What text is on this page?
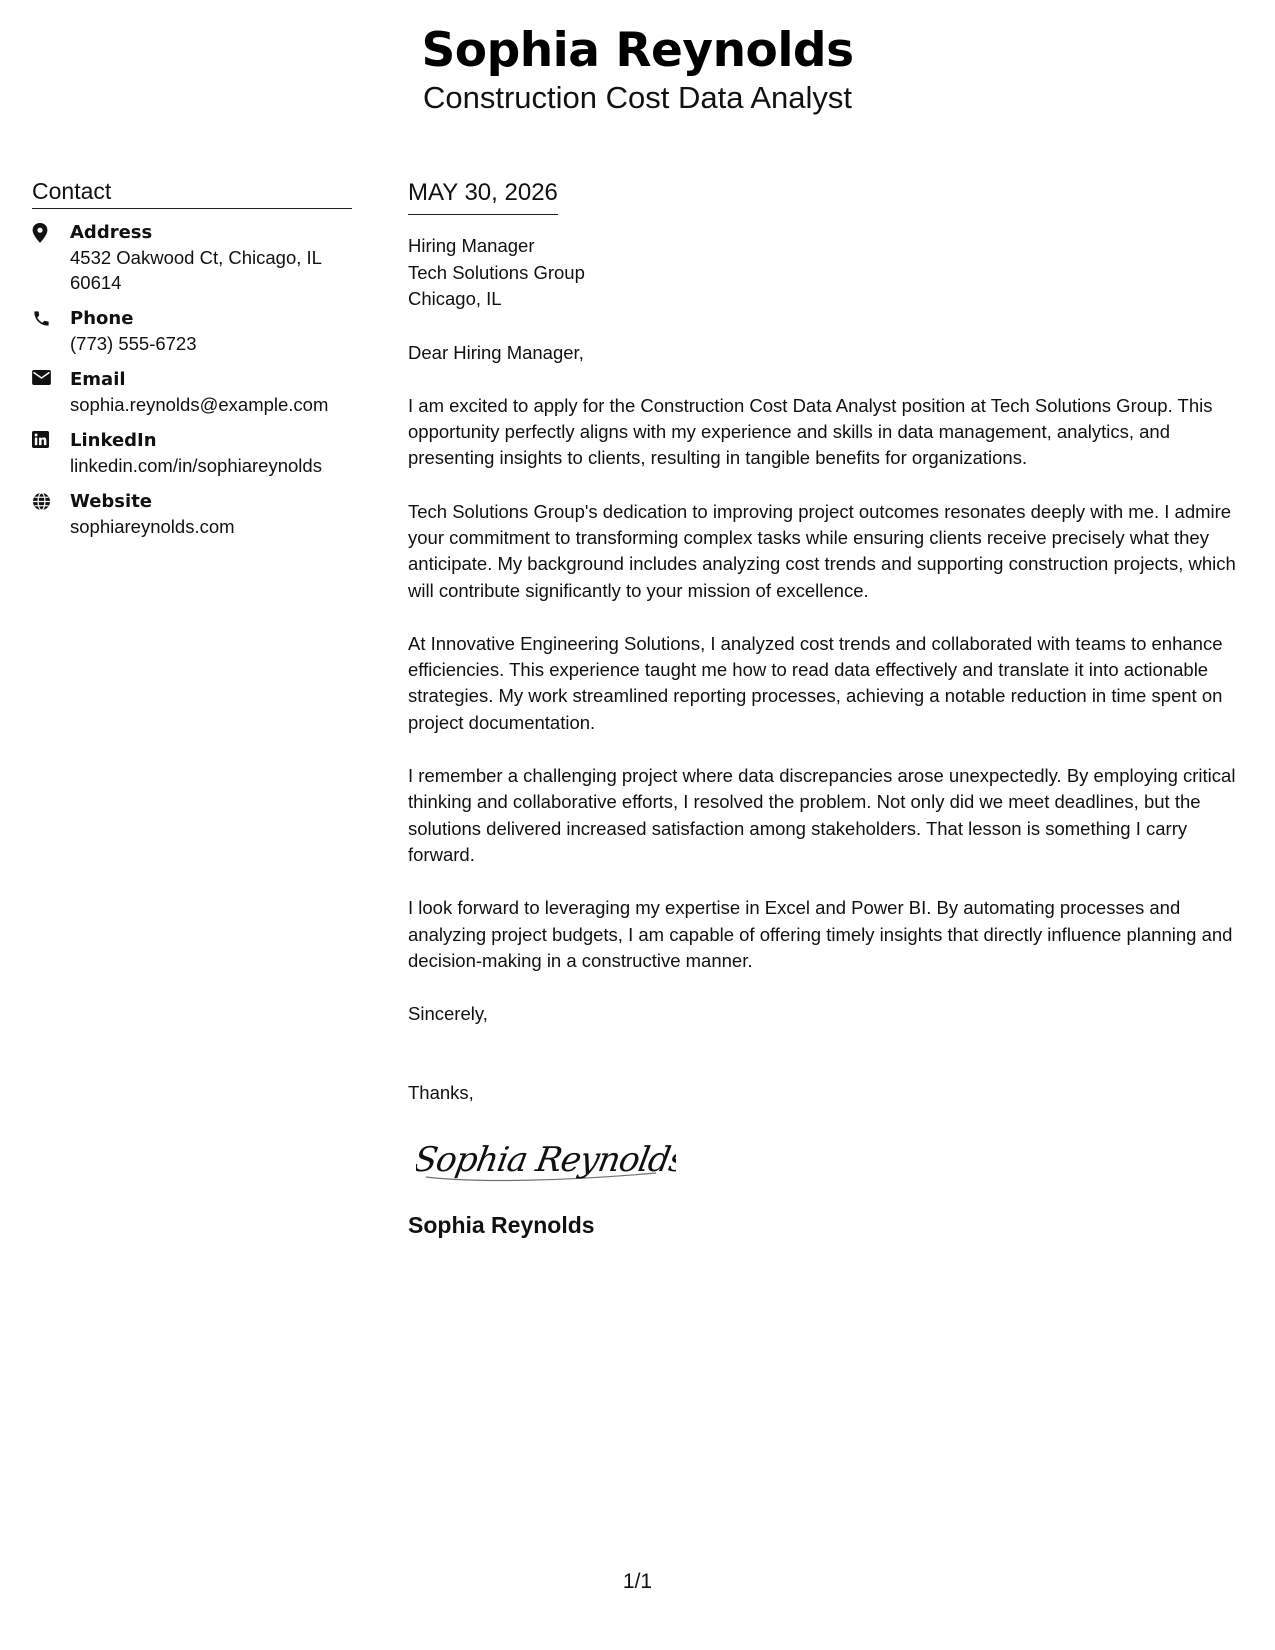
Sophia Reynolds
Construction Cost Data Analyst
Contact
Address
4532 Oakwood Ct, Chicago, IL 60614
Phone
(773) 555-6723
Email
sophia.reynolds@example.com
LinkedIn
linkedin.com/in/sophiareynolds
Website
sophiareynolds.com
MAY 30, 2026
Hiring Manager
Tech Solutions Group
Chicago, IL

Dear Hiring Manager,

I am excited to apply for the Construction Cost Data Analyst position at Tech Solutions Group. This opportunity perfectly aligns with my experience and skills in data management, analytics, and presenting insights to clients, resulting in tangible benefits for organizations.

Tech Solutions Group's dedication to improving project outcomes resonates deeply with me. I admire your commitment to transforming complex tasks while ensuring clients receive precisely what they anticipate. My background includes analyzing cost trends and supporting construction projects, which will contribute significantly to your mission of excellence.

At Innovative Engineering Solutions, I analyzed cost trends and collaborated with teams to enhance efficiencies. This experience taught me how to read data effectively and translate it into actionable strategies. My work streamlined reporting processes, achieving a notable reduction in time spent on project documentation.

I remember a challenging project where data discrepancies arose unexpectedly. By employing critical thinking and collaborative efforts, I resolved the problem. Not only did we meet deadlines, but the solutions delivered increased satisfaction among stakeholders. That lesson is something I carry forward.

I look forward to leveraging my expertise in Excel and Power BI. By automating processes and analyzing project budgets, I am capable of offering timely insights that directly influence planning and decision-making in a constructive manner.

Sincerely,

Thanks,

Sophia Reynolds
Sophia Reynolds
1/1
